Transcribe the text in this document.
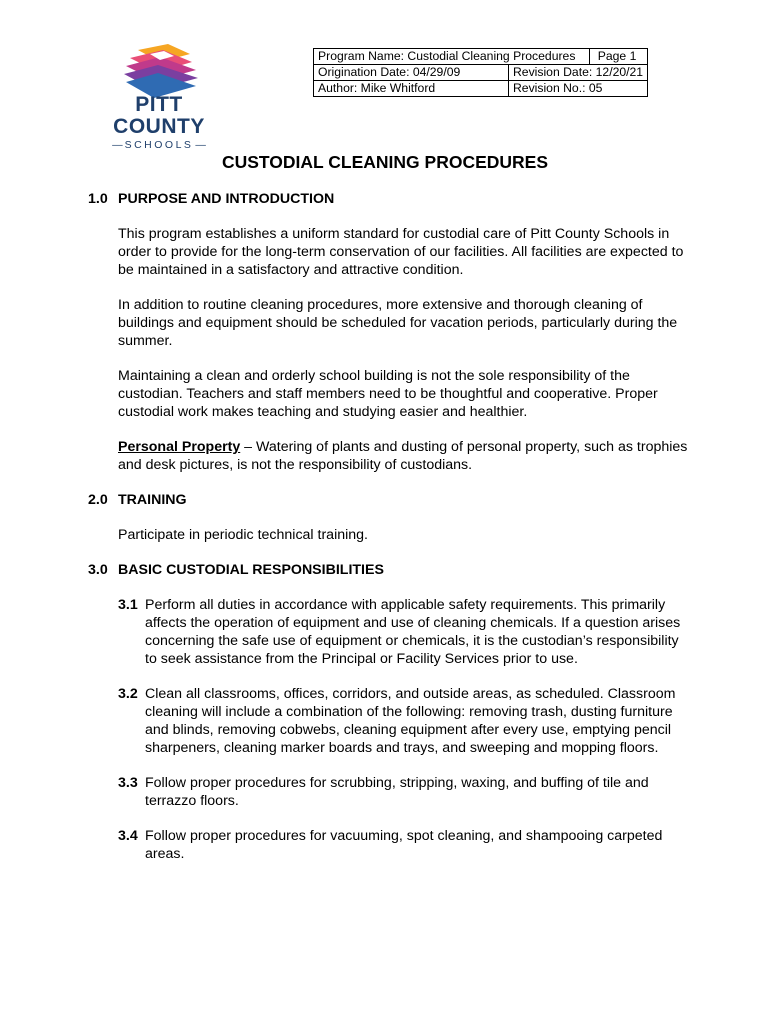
PITT COUNTY
— SCHOOLS —
Program Name: Custodial Cleaning Procedures		Page 1
Origination Date: 04/29/09	Revision Date: 12/20/21	
Author: Mike Whitford	Revision No.: 05	
CUSTODIAL CLEANING PROCEDURES
1.0 PURPOSE AND INTRODUCTION
This program establishes a uniform standard for custodial care of Pitt County Schools in order to provide for the long-term conservation of our facilities. All facilities are expected to be maintained in a satisfactory and attractive condition.
In addition to routine cleaning procedures, more extensive and thorough cleaning of buildings and equipment should be scheduled for vacation periods, particularly during the summer.
Maintaining a clean and orderly school building is not the sole responsibility of the custodian. Teachers and staff members need to be thoughtful and cooperative. Proper custodial work makes teaching and studying easier and healthier.
Personal Property – Watering of plants and dusting of personal property, such as trophies and desk pictures, is not the responsibility of custodians.
2.0 TRAINING
Participate in periodic technical training.
3.0 BASIC CUSTODIAL RESPONSIBILITIES
3.1 Perform all duties in accordance with applicable safety requirements. This primarily affects the operation of equipment and use of cleaning chemicals. If a question arises concerning the safe use of equipment or chemicals, it is the custodian’s responsibility to seek assistance from the Principal or Facility Services prior to use.
3.2 Clean all classrooms, offices, corridors, and outside areas, as scheduled. Classroom cleaning will include a combination of the following: removing trash, dusting furniture and blinds, removing cobwebs, cleaning equipment after every use, emptying pencil sharpeners, cleaning marker boards and trays, and sweeping and mopping floors.
3.3 Follow proper procedures for scrubbing, stripping, waxing, and buffing of tile and terrazzo floors.
3.4 Follow proper procedures for vacuuming, spot cleaning, and shampooing carpeted areas.
